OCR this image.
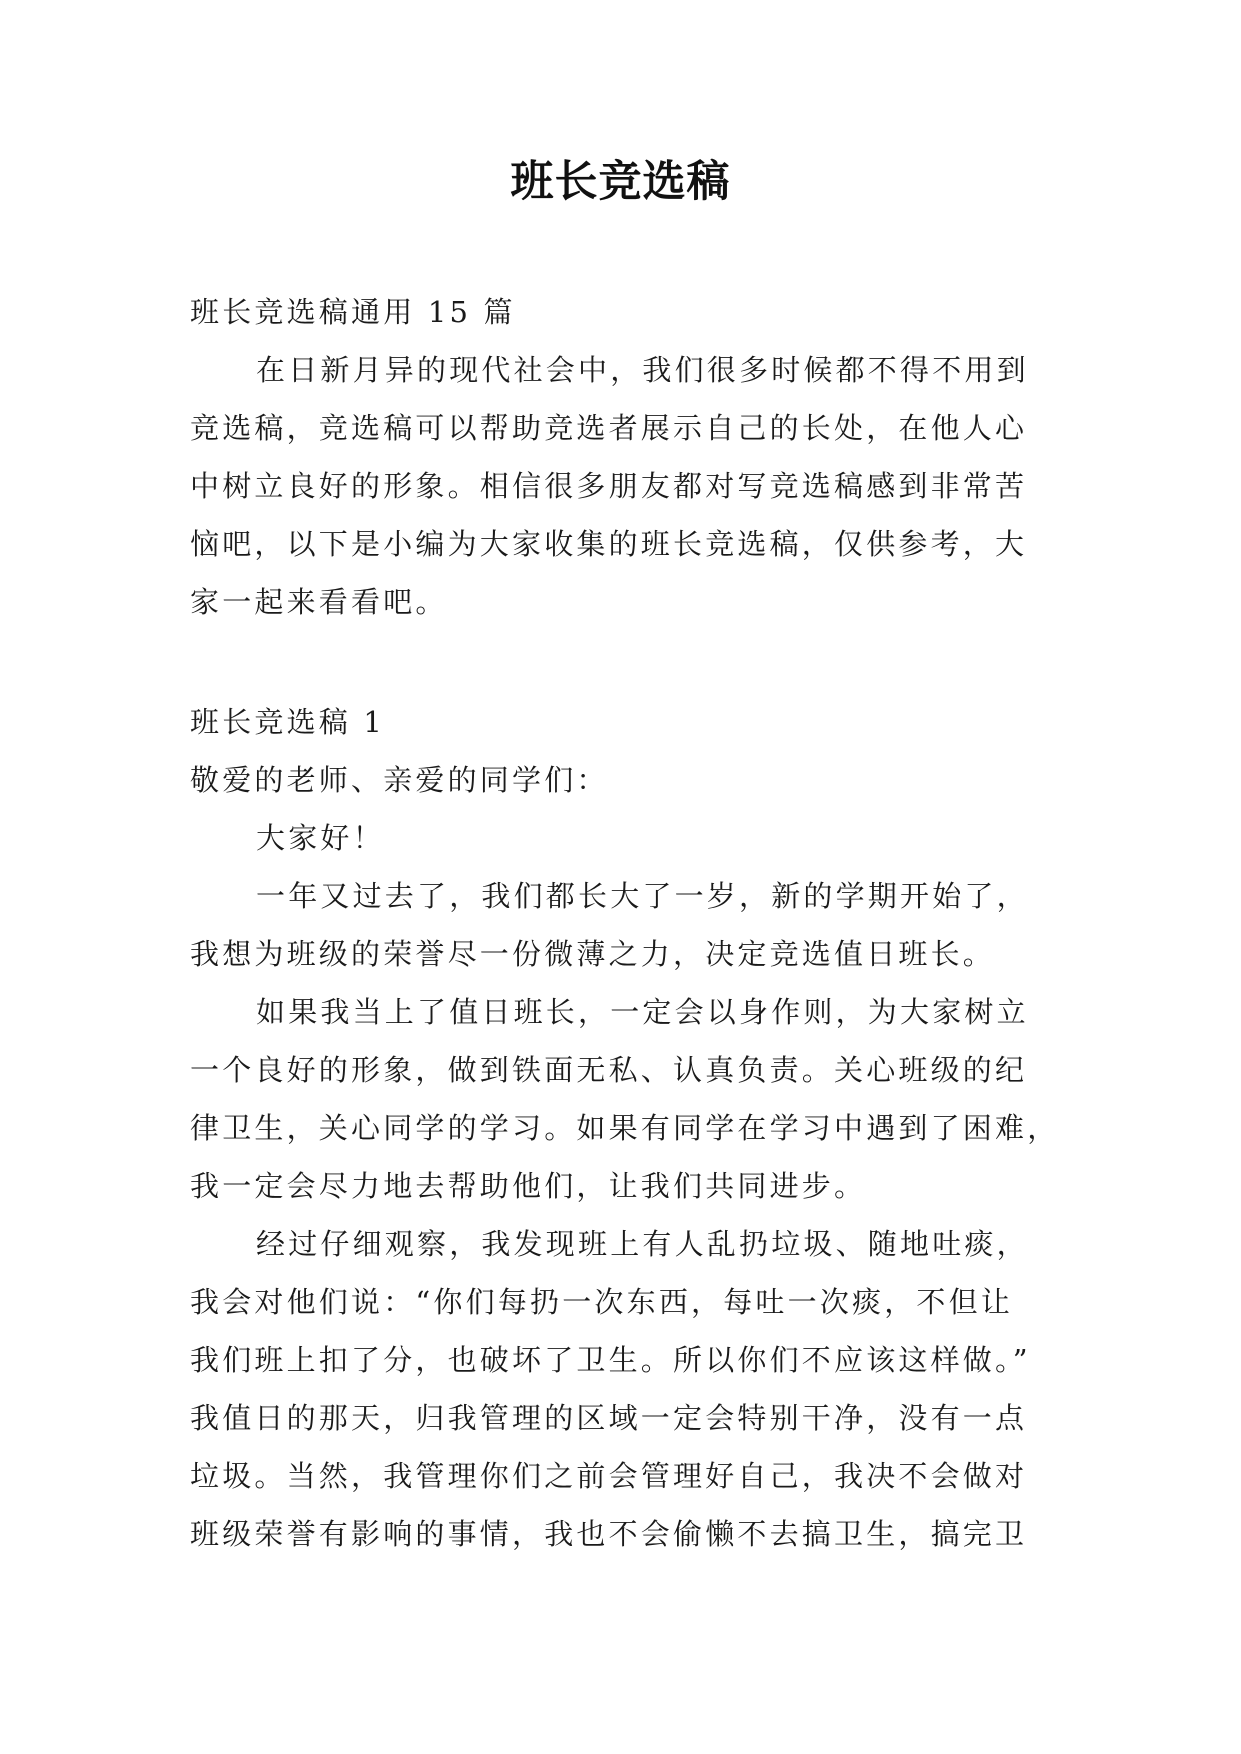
班长竞选稿
班长竞选稿通用 15 篇
在日新月异的现代社会中，我们很多时候都不得不用到
竞选稿，竞选稿可以帮助竞选者展示自己的长处，在他人心
中树立良好的形象。相信很多朋友都对写竞选稿感到非常苦
恼吧，以下是小编为大家收集的班长竞选稿，仅供参考，大
家一起来看看吧。
班长竞选稿 1
敬爱的老师、亲爱的同学们：
大家好！
一年又过去了，我们都长大了一岁，新的学期开始了，
我想为班级的荣誉尽一份微薄之力，决定竞选值日班长。
如果我当上了值日班长，一定会以身作则，为大家树立
一个良好的形象，做到铁面无私、认真负责。关心班级的纪
律卫生，关心同学的学习。如果有同学在学习中遇到了困难，
我一定会尽力地去帮助他们，让我们共同进步。
经过仔细观察，我发现班上有人乱扔垃圾、随地吐痰，
我会对他们说：“你们每扔一次东西，每吐一次痰，不但让
我们班上扣了分，也破坏了卫生。所以你们不应该这样做。”
我值日的那天，归我管理的区域一定会特别干净，没有一点
垃圾。当然，我管理你们之前会管理好自己，我决不会做对
班级荣誉有影响的事情，我也不会偷懒不去搞卫生，搞完卫
